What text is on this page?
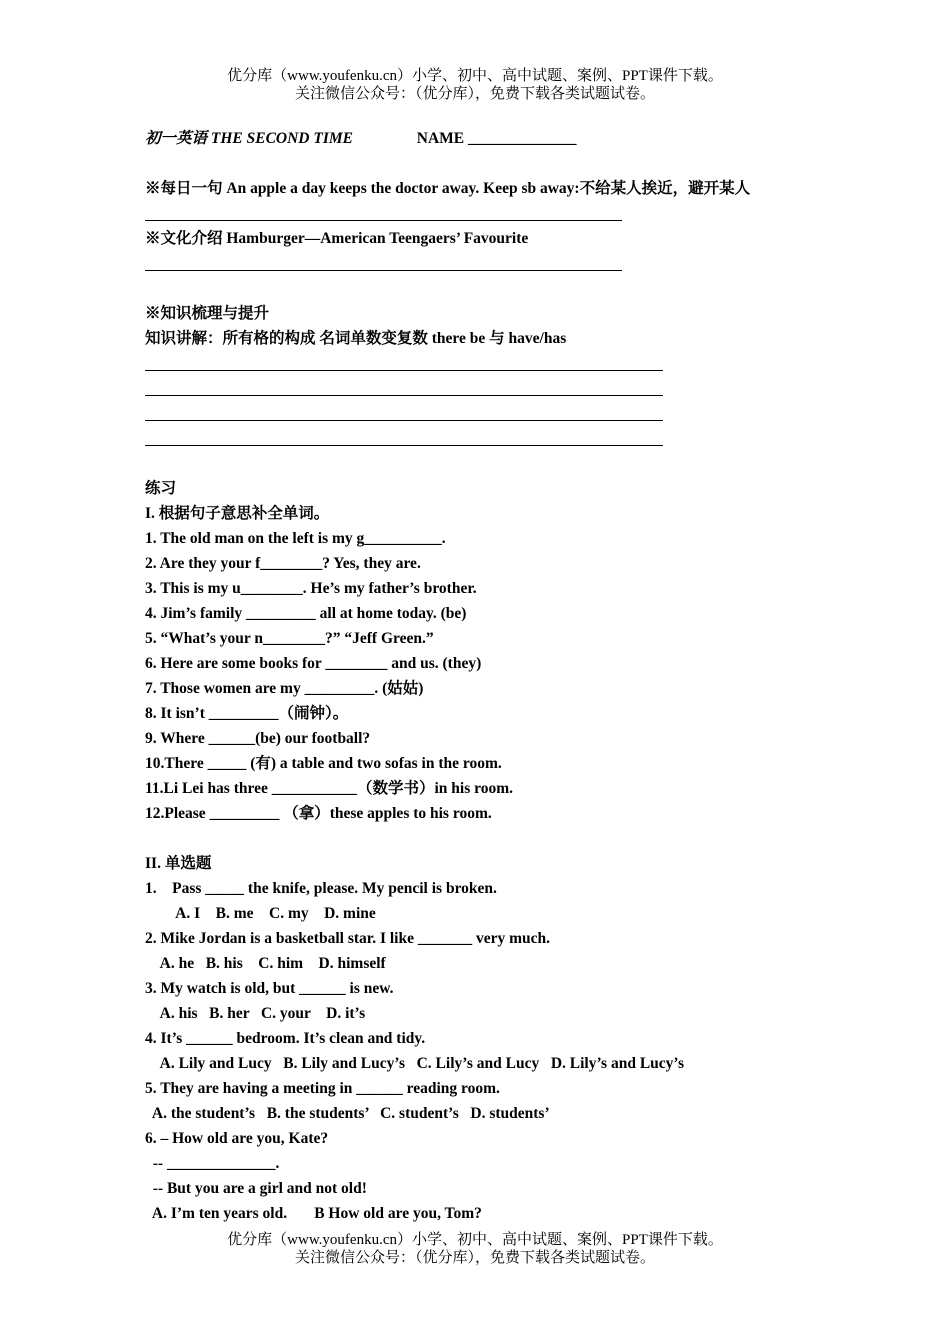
优分库（www.youfenku.cn）小学、初中、高中试题、案例、PPT课件下载。
关注微信公众号：（优分库），免费下载各类试题试卷。
初一英语 THE SECOND TIME	NAME ______________
※每日一句 An apple a day keeps the doctor away. Keep sb away:不给某人挨近，避开某人
※文化介绍 Hamburger—American Teengaers’ Favourite
※知识梳理与提升
知识讲解：所有格的构成 名词单数变复数 there be 与 have/has
练习
I. 根据句子意思补全单词。
1. The old man on the left is my g__________.
2. Are they your f________? Yes, they are.
3. This is my u________. He’s my father’s brother.
4. Jim’s family _________ all at home today. (be)
5. “What’s your n________?” “Jeff Green.”
6. Here are some books for ________ and us. (they)
7. Those women are my _________. (姑姑)
8. It isn’t _________（闹钟）。
9. Where ______(be) our football?
10.There _____ (有) a table and two sofas in the room.
11.Li Lei has three ___________（数学书）in his room.
12.Please _________ （拿）these apples to his room.
II. 单选题
1.    Pass _____ the knife, please. My pencil is broken.
A. I    B. me    C. my    D. mine
2. Mike Jordan is a basketball star. I like _______ very much.
A. he   B. his    C. him    D. himself
3. My watch is old, but ______ is new.
A. his   B. her   C. your    D. it’s
4. It’s ______ bedroom. It’s clean and tidy.
A. Lily and Lucy   B. Lily and Lucy’s   C. Lily’s and Lucy   D. Lily’s and Lucy’s
5. They are having a meeting in ______ reading room.
A. the student’s   B. the students’   C. student’s   D. students’
6. – How old are you, Kate?
-- ______________.
-- But you are a girl and not old!
A. I’m ten years old.       B How old are you, Tom?
优分库（www.youfenku.cn）小学、初中、高中试题、案例、PPT课件下载。
关注微信公众号：（优分库），免费下载各类试题试卷。
